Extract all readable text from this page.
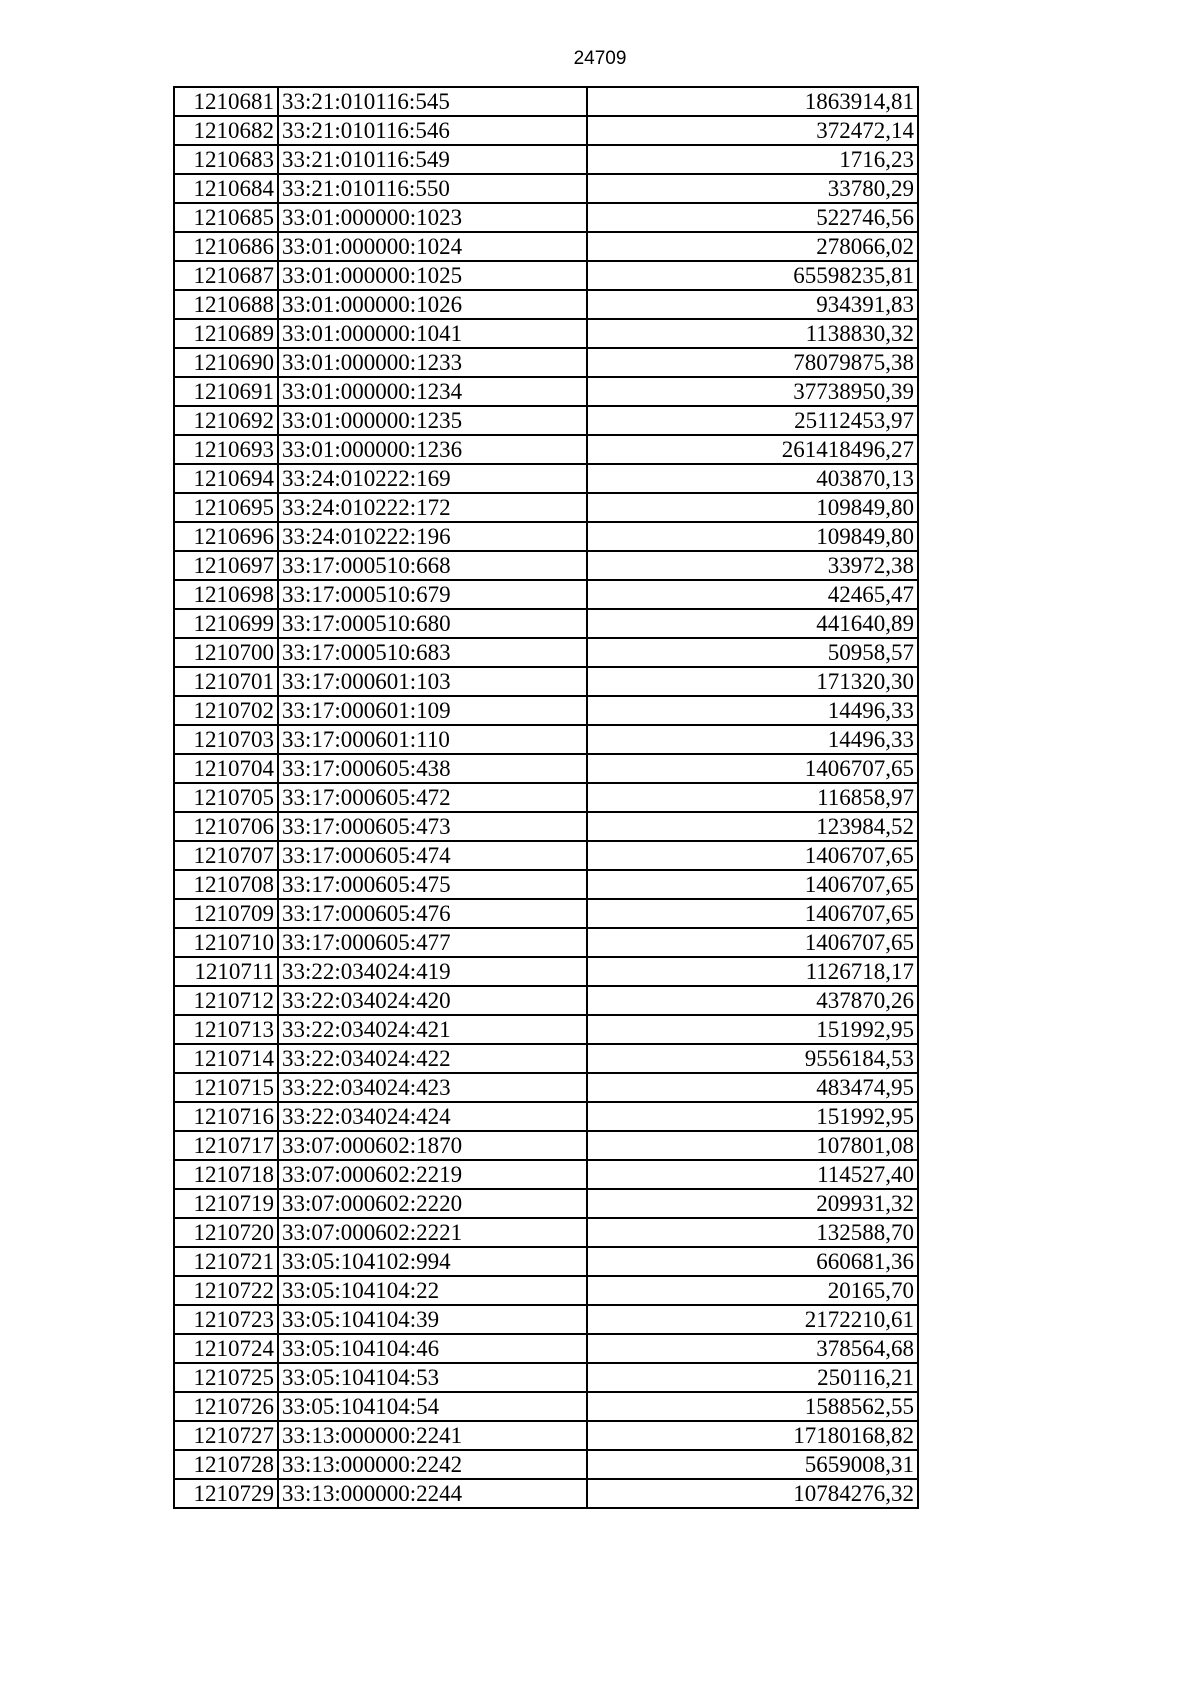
24709
1210681	33:21:010116:545	1863914,81
1210682	33:21:010116:546	372472,14
1210683	33:21:010116:549	1716,23
1210684	33:21:010116:550	33780,29
1210685	33:01:000000:1023	522746,56
1210686	33:01:000000:1024	278066,02
1210687	33:01:000000:1025	65598235,81
1210688	33:01:000000:1026	934391,83
1210689	33:01:000000:1041	1138830,32
1210690	33:01:000000:1233	78079875,38
1210691	33:01:000000:1234	37738950,39
1210692	33:01:000000:1235	25112453,97
1210693	33:01:000000:1236	261418496,27
1210694	33:24:010222:169	403870,13
1210695	33:24:010222:172	109849,80
1210696	33:24:010222:196	109849,80
1210697	33:17:000510:668	33972,38
1210698	33:17:000510:679	42465,47
1210699	33:17:000510:680	441640,89
1210700	33:17:000510:683	50958,57
1210701	33:17:000601:103	171320,30
1210702	33:17:000601:109	14496,33
1210703	33:17:000601:110	14496,33
1210704	33:17:000605:438	1406707,65
1210705	33:17:000605:472	116858,97
1210706	33:17:000605:473	123984,52
1210707	33:17:000605:474	1406707,65
1210708	33:17:000605:475	1406707,65
1210709	33:17:000605:476	1406707,65
1210710	33:17:000605:477	1406707,65
1210711	33:22:034024:419	1126718,17
1210712	33:22:034024:420	437870,26
1210713	33:22:034024:421	151992,95
1210714	33:22:034024:422	9556184,53
1210715	33:22:034024:423	483474,95
1210716	33:22:034024:424	151992,95
1210717	33:07:000602:1870	107801,08
1210718	33:07:000602:2219	114527,40
1210719	33:07:000602:2220	209931,32
1210720	33:07:000602:2221	132588,70
1210721	33:05:104102:994	660681,36
1210722	33:05:104104:22	20165,70
1210723	33:05:104104:39	2172210,61
1210724	33:05:104104:46	378564,68
1210725	33:05:104104:53	250116,21
1210726	33:05:104104:54	1588562,55
1210727	33:13:000000:2241	17180168,82
1210728	33:13:000000:2242	5659008,31
1210729	33:13:000000:2244	10784276,32
